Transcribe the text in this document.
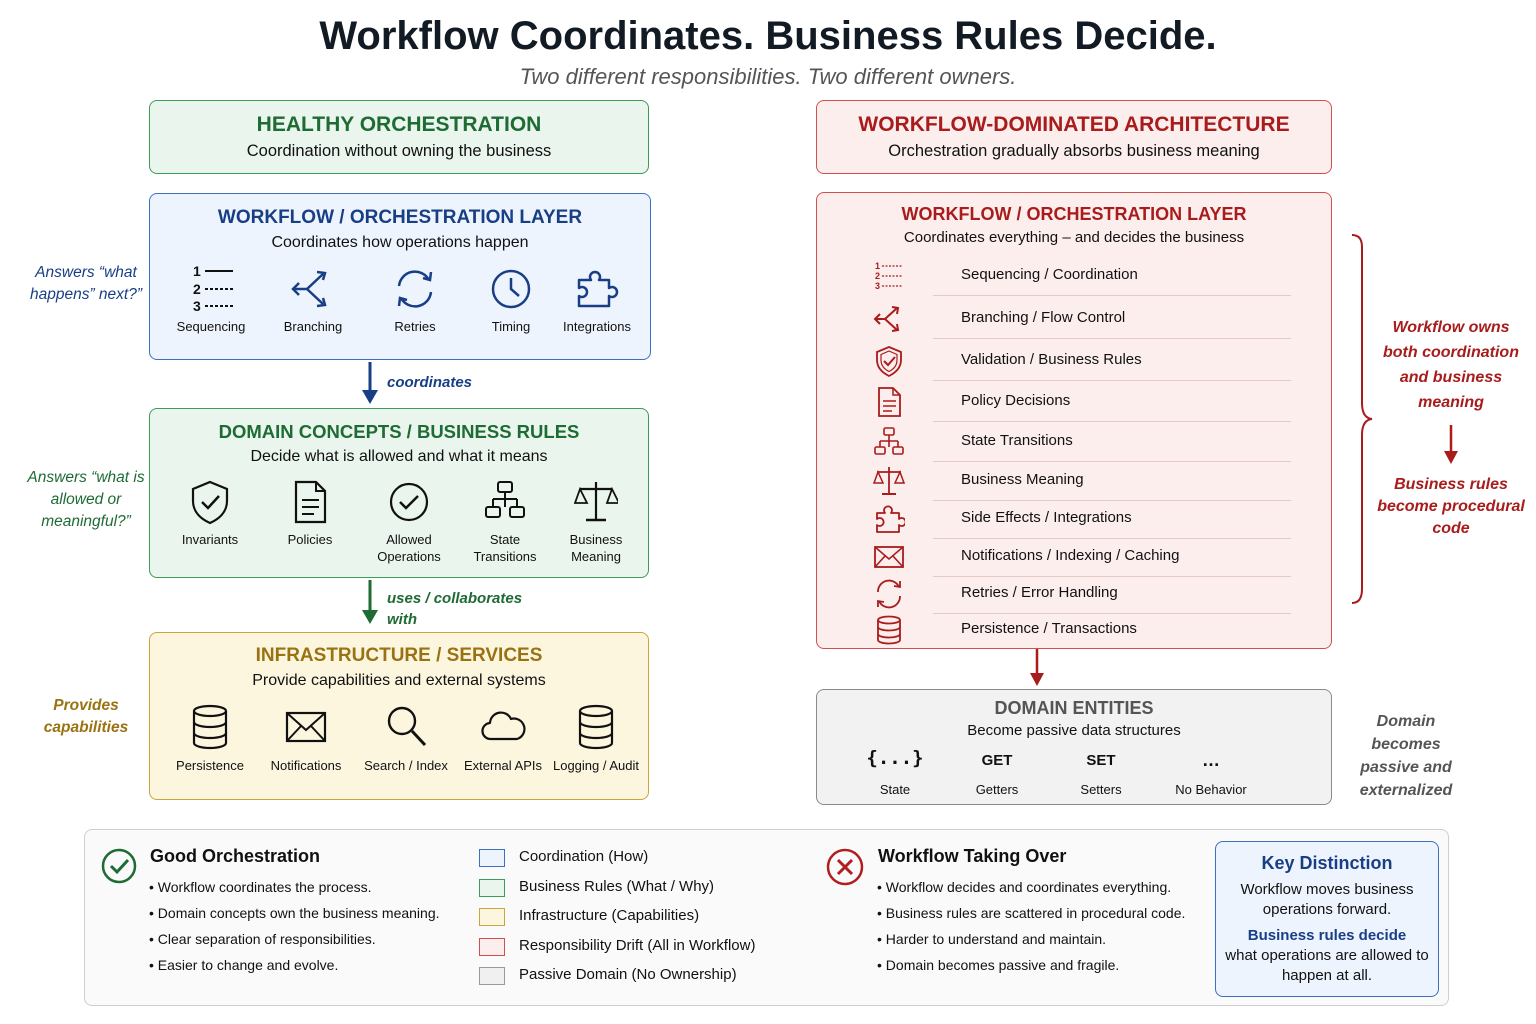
Workflow Coordinates. Business Rules Decide.
Two different responsibilities. Two different owners.
HEALTHY ORCHESTRATION
Coordination without owning the business
WORKFLOW / ORCHESTRATION LAYER
Coordinates how operations happen
1
2
3
Sequencing	Branching	Retries	Timing	Integrations
Answers “what happens” next?”
coordinates
DOMAIN CONCEPTS / BUSINESS RULES
Decide what is allowed and what it means
Invariants	Policies	Allowed Operations
State Transitions
Business Meaning
Answers “what is allowed or meaningful?”
uses / collaborates with
INFRASTRUCTURE / SERVICES
Provide capabilities and external systems
Persistence	Notifications	Search / Index	External APIs Logging / Audit
Provides capabilities
WORKFLOW-DOMINATED ARCHITECTURE
Orchestration gradually absorbs business meaning
WORKFLOW / ORCHESTRATION LAYER
Coordinates everything – and decides the business
1
2
3
Sequencing / Coordination
Branching / Flow Control
Validation / Business Rules
Policy Decisions
State Transitions
Business Meaning
Side Effects / Integrations
Notifications / Indexing / Caching
Retries / Error Handling
Persistence / Transactions
Workflow owns both coordination and business meaning
Business rules become procedural code
DOMAIN ENTITIES
Become passive data structures
{...}
State
GET
Getters
SET
Setters
…
No Behavior
Domain becomes passive and externalized
Good Orchestration
• Workflow coordinates the process.
• Domain concepts own the business meaning.
• Clear separation of responsibilities.
• Easier to change and evolve.
Coordination (How)
Business Rules (What / Why)
Infrastructure (Capabilities)
Responsibility Drift (All in Workflow)
Passive Domain (No Ownership)
Workflow Taking Over
• Workflow decides and coordinates everything.
• Business rules are scattered in procedural code.
• Harder to understand and maintain.
• Domain becomes passive and fragile.
Key Distinction
Workflow moves business operations forward.
Business rules decide
what operations are allowed to happen at all.
